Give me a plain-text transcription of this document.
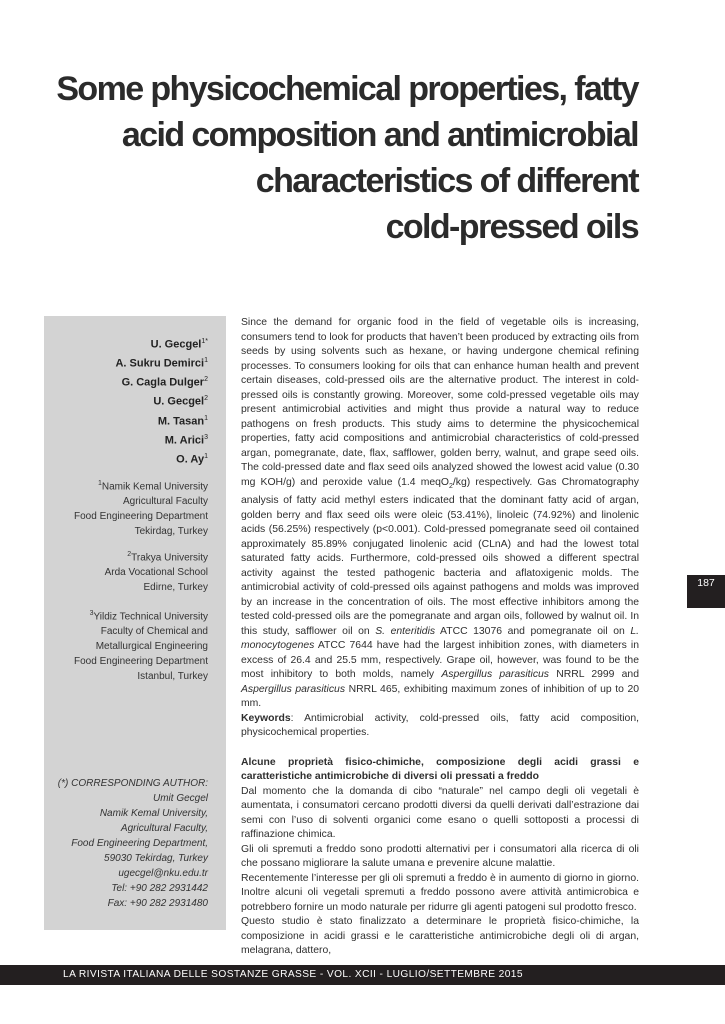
Some physicochemical properties, fatty
acid composition and antimicrobial
characteristics of different
cold-pressed oils
U. Gecgel$^{1*}$
A. Sukru Demirci$^1$
G. Cagla Dulger$^2$
U. Gecgel$^2$
M. Tasan$^1$
M. Arici$^3$
O. Ay$^1$
$^1$Namik Kemal University
Agricultural Faculty
Food Engineering Department
Tekirdag, Turkey
$^2$Trakya University
Arda Vocational School
Edirne, Turkey
$^3$Yildiz Technical University
Faculty of Chemical and
Metallurgical Engineering
Food Engineering Department
Istanbul, Turkey
(*) CORRESPONDING AUTHOR:
Umit Gecgel
Namik Kemal University,
Agricultural Faculty,
Food Engineering Department,
59030 Tekirdag, Turkey
ugecgel@nku.edu.tr
Tel: +90 282 2931442
Fax: +90 282 2931480

Since the demand for organic food in the field of vegetable oils is increasing, consumers tend to look for products that haven’t been produced by extracting oils from seeds by using solvents such as hexane, or having undergone chemical refining processes. To consumers looking for oils that can enhance human health and prevent certain diseases, cold-pressed oils are the alternative product. The interest in cold-pressed oils is constantly growing. Moreover, some cold-pressed vegetable oils may present antimicrobial activities and might thus provide a natural way to reduce pathogens on fresh products. This study aims to determine the physicochemical properties, fatty acid compositions and antimicrobial characteristics of cold-pressed argan, pomegranate, date, flax, safflower, golden berry, walnut, and grape seed oils. The cold-pressed date and flax seed oils analyzed showed the lowest acid value (0.30 mg KOH/g) and peroxide value (1.4 meqO$_2$/kg) respectively. Gas Chromatography analysis of fatty acid methyl esters indicated that the dominant fatty acid of argan, golden berry and flax seed oils were oleic (53.41%), linoleic (74.92%) and linolenic acids (56.25%) respectively (p<0.001). Cold-pressed pomegranate seed oil contained approximately 85.89% conjugated linolenic acid (CLnA) and had the lowest total saturated fatty acids. Furthermore, cold-pressed oils showed a different spectral activity against the tested pathogenic bacteria and aflatoxigenic molds. The antimicrobial activity of cold-pressed oils against pathogens and molds was improved by an increase in the concentration of oils. The most effective inhibitors among the tested cold-pressed oils are the pomegranate and argan oils, followed by walnut oil. In this study, safflower oil on S. enteritidis ATCC 13076 and pomegranate oil on L. monocytogenes ATCC 7644 have had the largest inhibition zones, with diameters in excess of 26.4 and 25.5 mm, respectively. Grape oil, however, was found to be the most inhibitory to both molds, namely Aspergillus parasiticus NRRL 2999 and Aspergillus parasiticus NRRL 465, exhibiting maximum zones of inhibition of up to 20 mm.

Keywords: Antimicrobial activity, cold-pressed oils, fatty acid composition, physicochemical properties.

Alcune proprietà fisico-chimiche, composizione degli acidi grassi e caratteristiche antimicrobiche di diversi oli pressati a freddo

Dal momento che la domanda di cibo “naturale” nel campo degli oli vegetali è aumentata, i consumatori cercano prodotti diversi da quelli derivati dall’estrazione dai semi con l’uso di solventi organici come esano o quelli sottoposti a processi di raffinazione chimica.

Gli oli spremuti a freddo sono prodotti alternativi per i consumatori alla ricerca di oli che possano migliorare la salute umana e prevenire alcune malattie.

Recentemente l’interesse per gli oli spremuti a freddo è in aumento di giorno in giorno. Inoltre alcuni oli vegetali spremuti a freddo possono avere attività antimicrobica e potrebbero fornire un modo naturale per ridurre gli agenti patogeni sul prodotto fresco.

Questo studio è stato finalizzato a determinare le proprietà fisico-chimiche, la composizione in acidi grassi e le caratteristiche antimicrobiche degli oli di argan, melagrana, dattero,

187
LA RIVISTA ITALIANA DELLE SOSTANZE GRASSE - VOL. XCII - LUGLIO/SETTEMBRE 2015
